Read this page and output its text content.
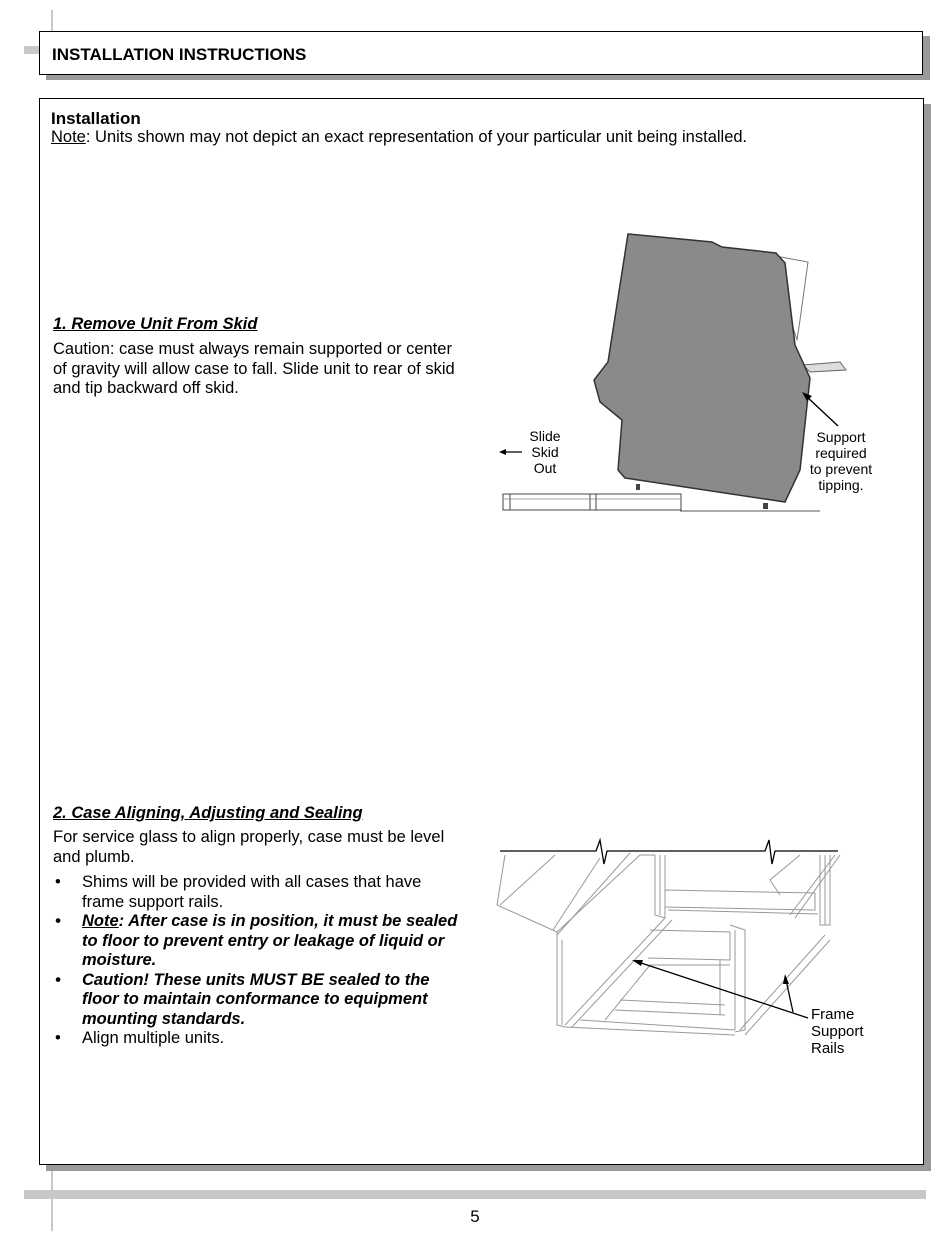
INSTALLATION INSTRUCTIONS
Installation
Note: Units shown may not depict an exact representation of your particular unit being installed.
1. Remove Unit From Skid
Caution: case must always remain supported or center of gravity will allow case to fall. Slide unit to rear of skid and tip backward off skid.
2. Case Aligning, Adjusting and Sealing
For service glass to align properly, case must be level and plumb.
• Shims will be provided with all cases that have frame support rails.
• Note: After case is in position, it must be sealed to floor to prevent entry or leakage of liquid or moisture.
• Caution! These units MUST BE sealed to the floor to maintain conformance to equipment mounting standards.
• Align multiple units.
Slide
Skid
Out
Support
required
to prevent
tipping.
Frame
Support
Rails
5
